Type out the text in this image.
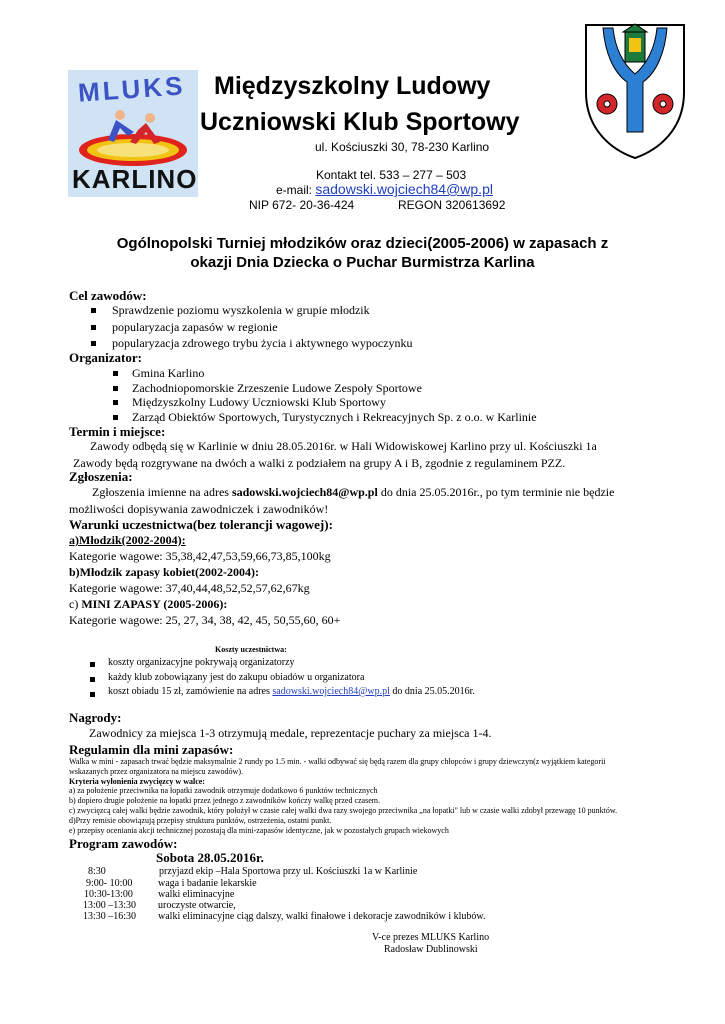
MLUKS
KARLINO
Międzyszkolny Ludowy
Uczniowski Klub Sportowy
ul. Kościuszki 30, 78-230 Karlino
Kontakt tel. 533 – 277 – 503
e-mail: sadowski.wojciech84@wp.pl
NIP 672- 20-36-424	REGON 320613692
Ogólnopolski Turniej młodzików oraz dzieci(2005-2006) w zapasach z
okazji Dnia Dziecka o Puchar Burmistrza Karlina
Cel zawodów:
Sprawdzenie poziomu wyszkolenia w grupie młodzik
popularyzacja zapasów w regionie
popularyzacja zdrowego trybu życia i aktywnego wypoczynku
Organizator:
Gmina Karlino
Zachodniopomorskie Zrzeszenie Ludowe Zespoły Sportowe
Międzyszkolny Ludowy Uczniowski Klub Sportowy
Zarząd Obiektów Sportowych, Turystycznych i Rekreacyjnych Sp. z o.o. w Karlinie
Termin i miejsce:
Zawody odbędą się w Karlinie w dniu 28.05.2016r. w Hali Widowiskowej Karlino przy ul. Kościuszki 1a
Zawody będą rozgrywane na dwóch a walki z podziałem na grupy A i B, zgodnie z regulaminem PZZ.
Zgłoszenia:
Zgłoszenia imienne na adres sadowski.wojciech84@wp.pl do dnia 25.05.2016r., po tym terminie nie będzie
możliwości dopisywania zawodniczek i zawodników!
Warunki uczestnictwa(bez tolerancji wagowej):
a)Młodzik(2002-2004):
Kategorie wagowe: 35,38,42,47,53,59,66,73,85,100kg
b)Młodzik zapasy kobiet(2002-2004):
Kategorie wagowe: 37,40,44,48,52,52,57,62,67kg
c) MINI ZAPASY (2005-2006):
Kategorie wagowe: 25, 27, 34, 38, 42, 45, 50,55,60, 60+
Koszty uczestnictwa:
koszty organizacyjne pokrywają organizatorzy
każdy klub zobowiązany jest do zakupu obiadów u organizatora
koszt obiadu 15 zł, zamówienie na adres sadowski.wojciech84@wp.pl do dnia 25.05.2016r.
Nagrody:
Zawodnicy za miejsca 1-3 otrzymują medale, reprezentacje puchary za miejsca 1-4.
Regulamin dla mini zapasów:
Walka w mini - zapasach trwać będzie maksymalnie 2 rundy po 1.5 min. - walki odbywać się będą razem dla grupy chłopców i grupy dziewczyn(z wyjątkiem kategorii
wskazanych przez organizatora na miejscu zawodów).
Kryteria wyłonienia zwycięzcy w walce:
a) za położenie przeciwnika na łopatki zawodnik otrzymuje dodatkowo 6 punktów technicznych
b) dopiero drugie położenie na łopatki przez jednego z zawodników kończy walkę przed czasem.
c) zwycięzcą całej walki będzie zawodnik, który położył w czasie całej walki dwa razy swojego przeciwnika „na łopatki" lub w czasie walki zdobył przewagę 10 punktów.
d)Przy remisie obowiązują przepisy struktura punktów, ostrzeżenia, ostatni punkt.
e) przepisy oceniania akcji technicznej pozostają dla mini-zapasów identyczne, jak w pozostałych grupach wiekowych
Program zawodów:
Sobota 28.05.2016r.
8:30	przyjazd ekip –Hala Sportowa przy ul. Kościuszki 1a w Karlinie
9:00- 10:00	waga i badanie lekarskie
10:30-13:00	walki eliminacyjne
13:00 –13:30 uroczyste otwarcie,
13:30 –16:30 walki eliminacyjne ciąg dalszy, walki finałowe i dekoracje zawodników i klubów.
V-ce prezes MLUKS Karlino
Radosław Dublinowski
